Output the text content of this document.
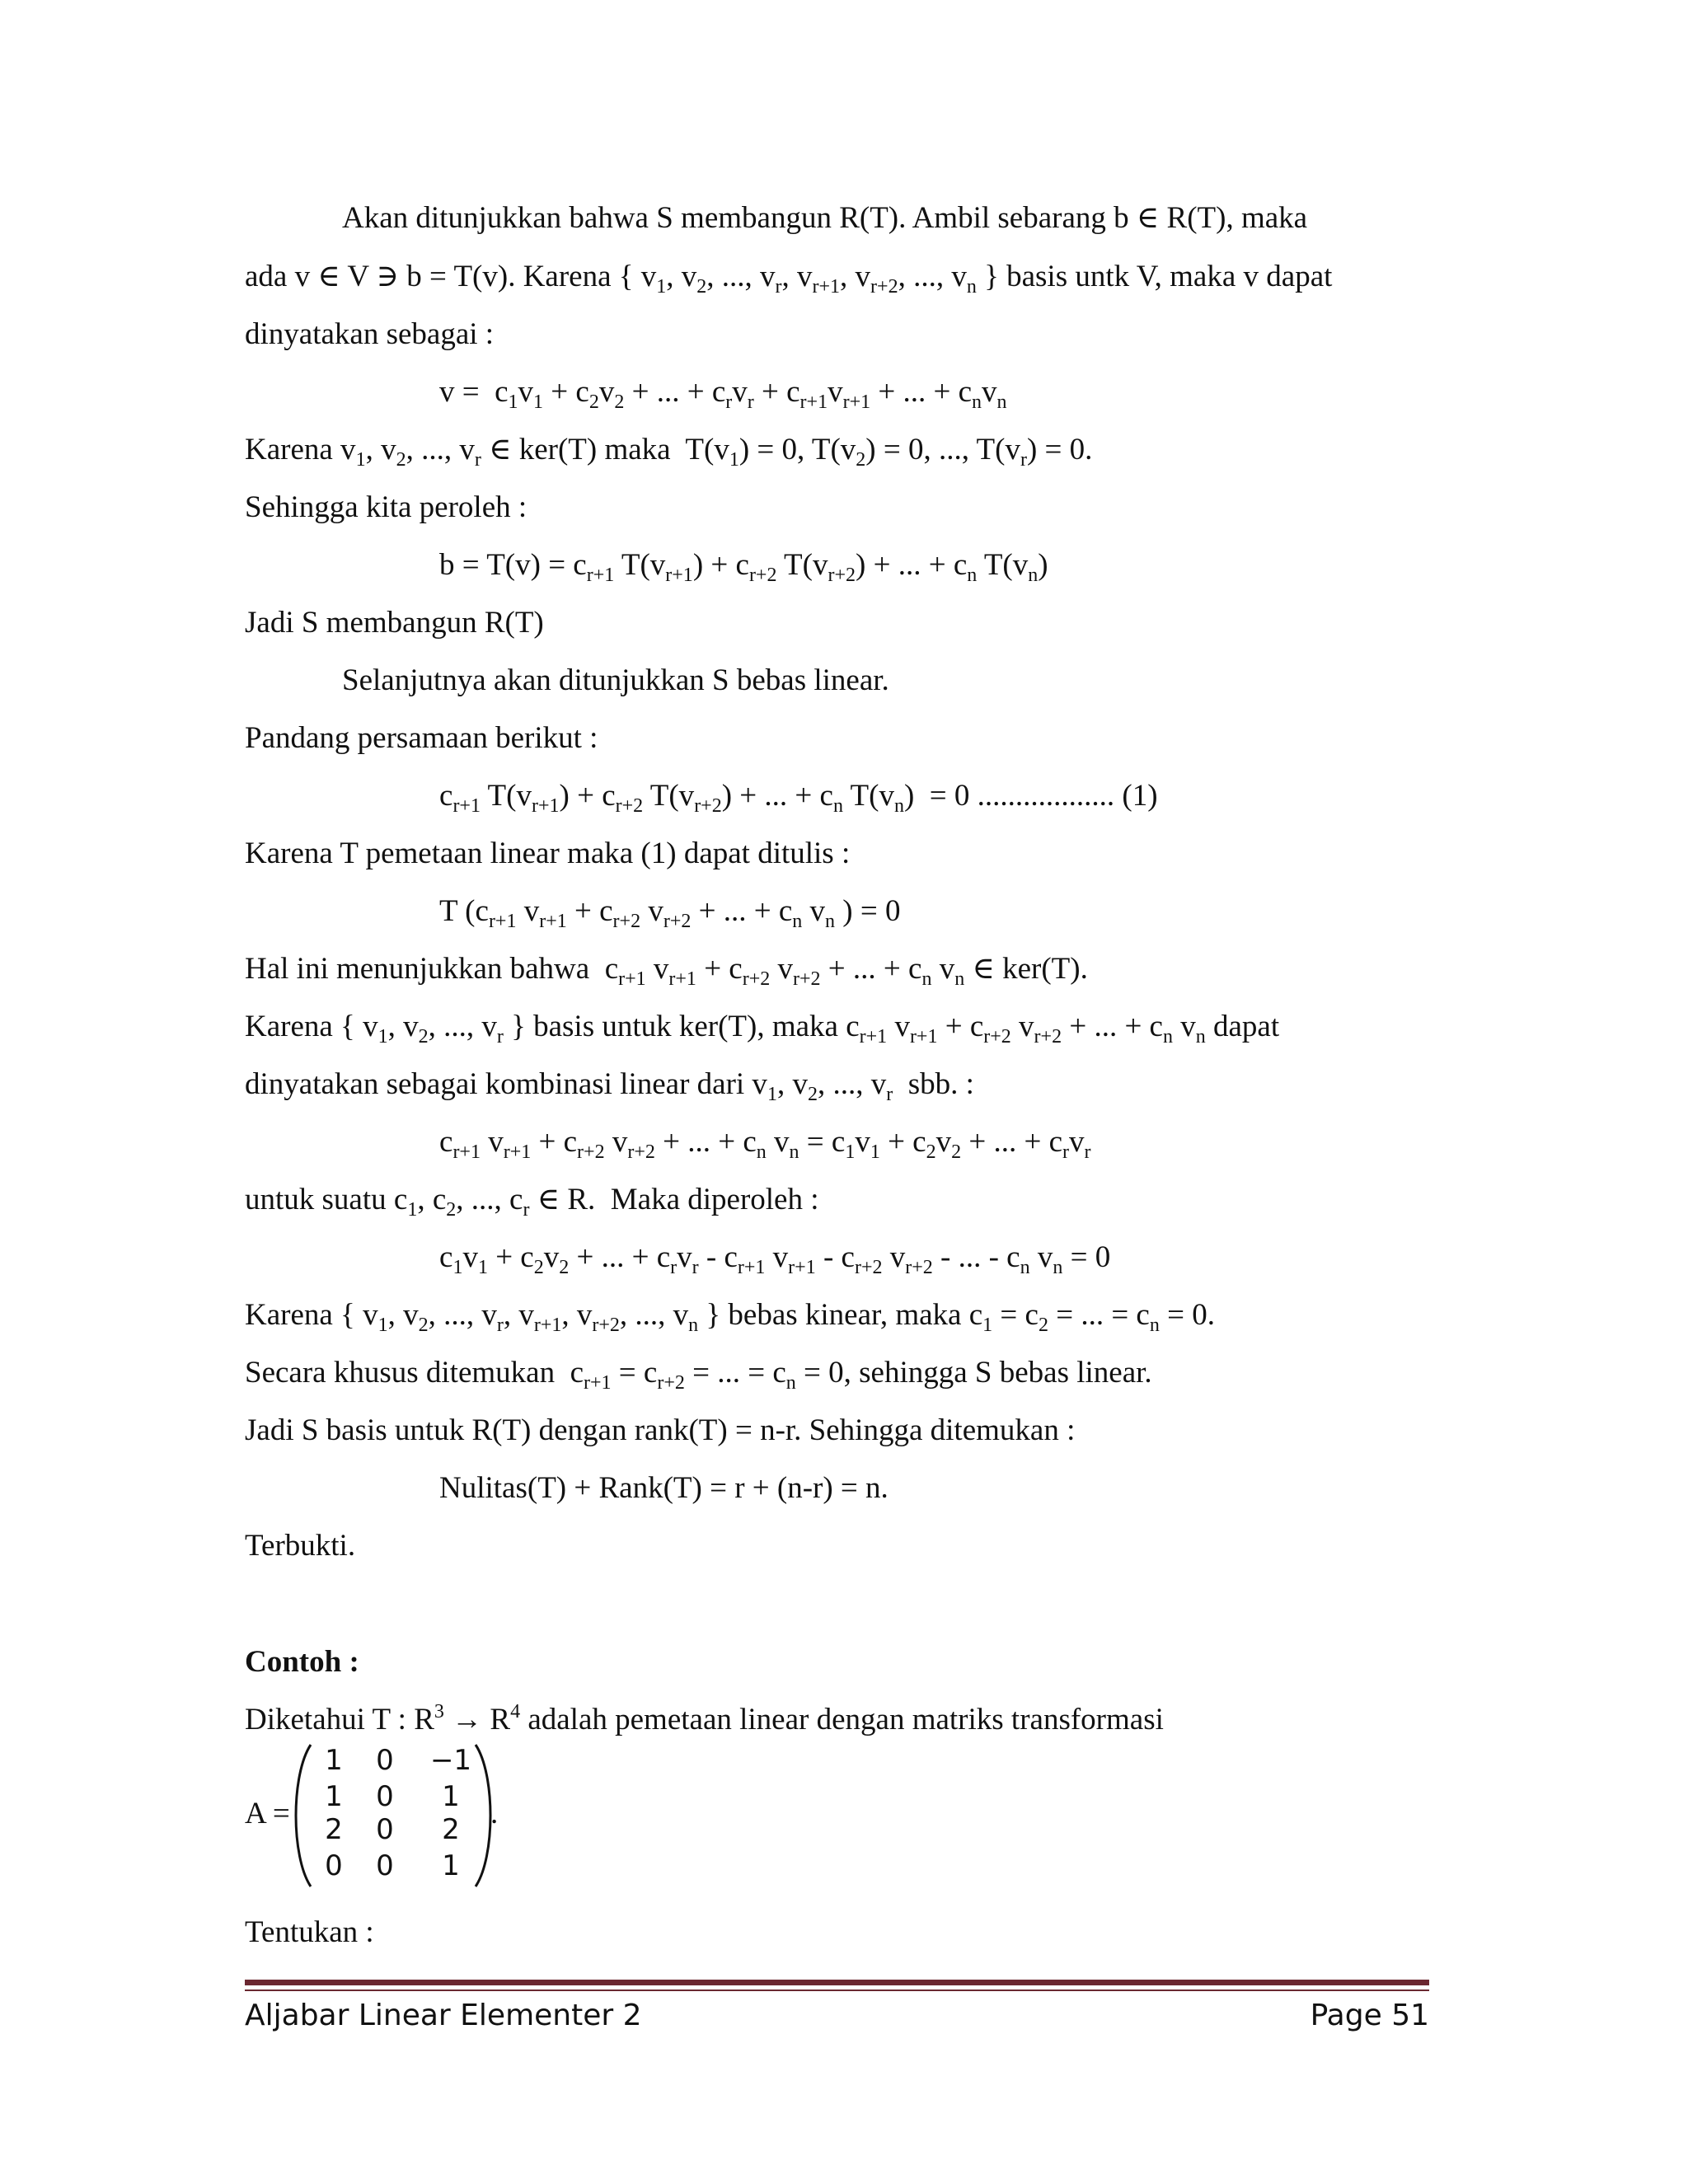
Akan ditunjukkan bahwa S membangun R(T). Ambil sebarang b ∈ R(T), maka

ada v ∈ V ∋ b = T(v). Karena { $v_1$, $v_2$, ..., $v_r$, $v_{r+1}$, $v_{r+2}$, ..., $v_n$ } basis untk V, maka v dapat

dinyatakan sebagai :

$v = c_1v_1 + c_2v_2$ + ... + $c_rv_r + c_{r+1}v_{r+1}$ + ... + $c_nv_n$

Karena $v_1$, $v_2$, ..., $v_r$ ∈ ker(T) maka  $T(v_1) = 0$, $T(v_2) = 0$, ..., $T(v_r) = 0$.

Sehingga kita peroleh :

$b = T(v) = c_{r+1}$ $T(v_{r+1}) + c_{r+2}$ $T(v_{r+2})$ + ... + $c_n$ $T(v_n)$

Jadi S membangun R(T)

Selanjutnya akan ditunjukkan S bebas linear.

Pandang persamaan berikut :

$c_{r+1}$ $T(v_{r+1}) + c_{r+2}$ $T(v_{r+2})$ + ... + $c_n$ $T(v_n) = 0$ .................. (1)

Karena T pemetaan linear maka (1) dapat ditulis :

T ($c_{r+1}$ $v_{r+1} + c_{r+2}$ $v_{r+2}$ + ... + $c_n$ $v_n$ ) = 0

Hal ini menunjukkan bahwa  $c_{r+1}$ $v_{r+1} + c_{r+2}$ $v_{r+2}$ + ... + $c_n$ $v_n$ ∈ ker(T).

Karena { $v_1$, $v_2$, ..., $v_r$ } basis untuk ker(T), maka $c_{r+1}$ $v_{r+1} + c_{r+2}$ $v_{r+2}$ + ... + $c_n$ $v_n$ dapat

dinyatakan sebagai kombinasi linear dari $v_1$, $v_2$, ..., $v_r$  sbb. :

$c_{r+1}$ $v_{r+1} + c_{r+2}$ $v_{r+2}$ + ... + $c_n$ $v_n = c_1v_1 + c_2v_2$ + ... + $c_rv_r$

untuk suatu $c_1$, $c_2$, ..., $c_r$ ∈ R.  Maka diperoleh :

$c_1v_1 + c_2v_2$ + ... + $c_rv_r - c_{r+1}$ $v_{r+1} - c_{r+2}$ $v_{r+2}$ - ... - $c_n$ $v_n = 0$

Karena { $v_1$, $v_2$, ..., $v_r$, $v_{r+1}$, $v_{r+2}$, ..., $v_n$ } bebas kinear, maka $c_1 = c_2$ = ... = $c_n = 0$.

Secara khusus ditemukan  $c_{r+1} = c_{r+2}$ = ... = $c_n = 0$, sehingga S bebas linear.

Jadi S basis untuk R(T) dengan rank(T) = n-r. Sehingga ditemukan :

Nulitas(T) + Rank(T) = r + (n-r) = n.

Terbukti.

Contoh :

Diketahui T : $R^3 \to R^4$ adalah pemetaan linear dengan matriks transformasi

A =
1 0 −1
1 0 1
2 0 2
0 0 1
.

Tentukan :

Aljabar Linear Elementer 2	Page 51
